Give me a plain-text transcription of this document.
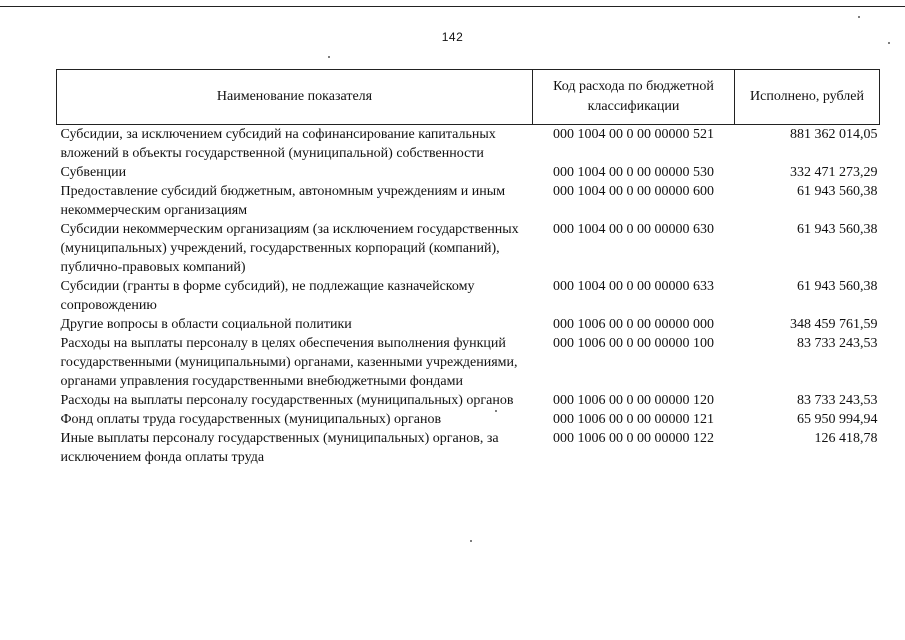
142
Наименование показателя	Код расхода по бюджетной классификации	Исполнено, рублей
Субсидии, за исключением субсидий на софинансирование капитальных вложений в объекты государственной (муниципальной) собственности	000 1004 00 0 00 00000 521	881 362 014,05
Субвенции	000 1004 00 0 00 00000 530	332 471 273,29
Предоставление субсидий бюджетным, автономным учреждениям и иным некоммерческим организациям	000 1004 00 0 00 00000 600	61 943 560,38
Субсидии некоммерческим организациям (за исключением государственных (муниципальных) учреждений, государственных корпораций (компаний), публично-правовых компаний)	000 1004 00 0 00 00000 630	61 943 560,38
Субсидии (гранты в форме субсидий), не подлежащие казначейскому сопровождению	000 1004 00 0 00 00000 633	61 943 560,38
Другие вопросы в области социальной политики	000 1006 00 0 00 00000 000	348 459 761,59
Расходы на выплаты персоналу в целях обеспечения выполнения функций государственными (муниципальными) органами, казенными учреждениями, органами управления государственными внебюджетными фондами	000 1006 00 0 00 00000 100	83 733 243,53
Расходы на выплаты персоналу государственных (муниципальных) органов	000 1006 00 0 00 00000 120	83 733 243,53
Фонд оплаты труда государственных (муниципальных) органов	000 1006 00 0 00 00000 121	65 950 994,94
Иные выплаты персоналу государственных (муниципальных) органов, за исключением фонда оплаты труда	000 1006 00 0 00 00000 122	126 418,78
